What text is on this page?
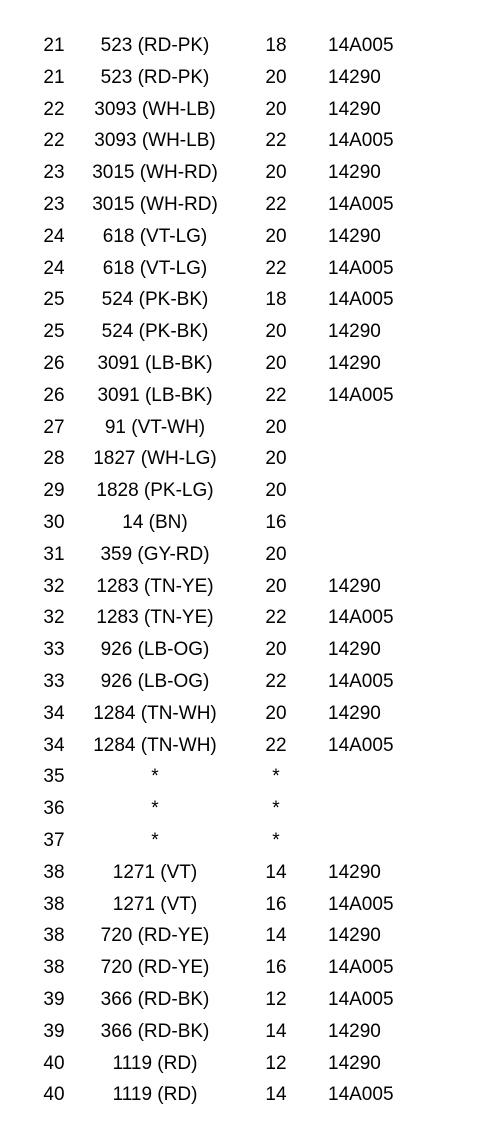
21	523 (RD-PK)	18	14A005
21	523 (RD-PK)	20	14290
22	3093 (WH-LB)	20	14290
22	3093 (WH-LB)	22	14A005
23	3015 (WH-RD)	20	14290
23	3015 (WH-RD)	22	14A005
24	618 (VT-LG)	20	14290
24	618 (VT-LG)	22	14A005
25	524 (PK-BK)	18	14A005
25	524 (PK-BK)	20	14290
26	3091 (LB-BK)	20	14290
26	3091 (LB-BK)	22	14A005
27	91 (VT-WH)	20
28	1827 (WH-LG)	20
29	1828 (PK-LG)	20
30	14 (BN)	16
31	359 (GY-RD)	20
32	1283 (TN-YE)	20	14290
32	1283 (TN-YE)	22	14A005
33	926 (LB-OG)	20	14290
33	926 (LB-OG)	22	14A005
34	1284 (TN-WH)	20	14290
34	1284 (TN-WH)	22	14A005
35	*	*
36	*	*
37	*	*
38	1271 (VT)	14	14290
38	1271 (VT)	16	14A005
38	720 (RD-YE)	14	14290
38	720 (RD-YE)	16	14A005
39	366 (RD-BK)	12	14A005
39	366 (RD-BK)	14	14290
40	1119 (RD)	12	14290
40	1119 (RD)	14	14A005
